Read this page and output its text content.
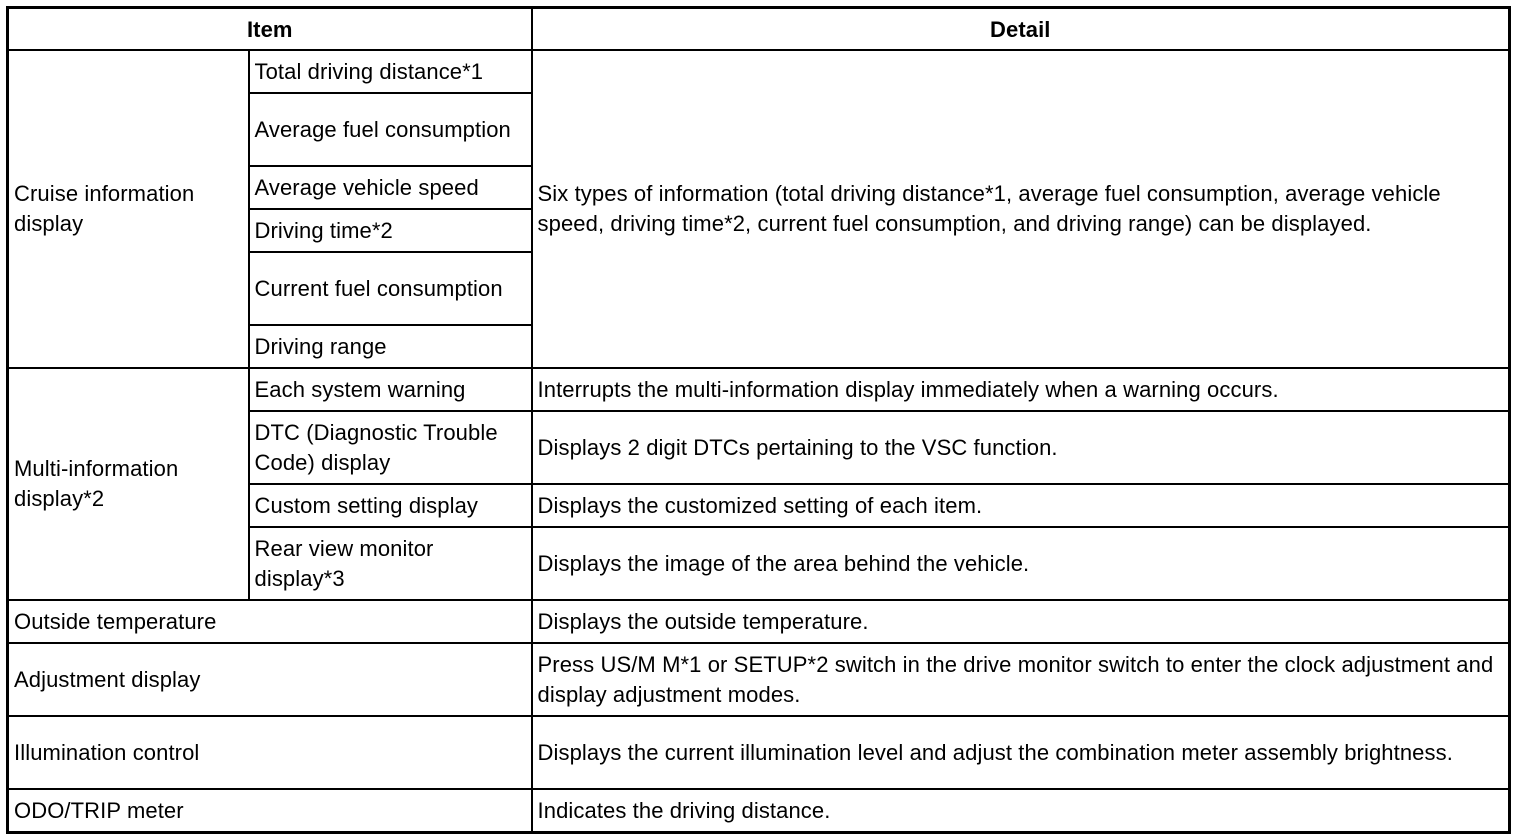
Item		Detail
Cruise information display	Total driving distance*1	Six types of information (total driving distance*1, average fuel consumption, average vehicle speed, driving time*2, current fuel consumption, and driving range) can be displayed.
	Average fuel consumption	
	Average vehicle speed	
	Driving time*2	
	Current fuel consumption	
	Driving range	
Multi-information display*2	Each system warning	Interrupts the multi-information display immediately when a warning occurs.
	DTC (Diagnostic Trouble Code) display	Displays 2 digit DTCs pertaining to the VSC function.
	Custom setting display	Displays the customized setting of each item.
	Rear view monitor display*3	Displays the image of the area behind the vehicle.
Outside temperature		Displays the outside temperature.
Adjustment display		Press US/M M*1 or SETUP*2 switch in the drive monitor switch to enter the clock adjustment and display adjustment modes.
Illumination control		Displays the current illumination level and adjust the combination meter assembly brightness.
ODO/TRIP meter		Indicates the driving distance.
